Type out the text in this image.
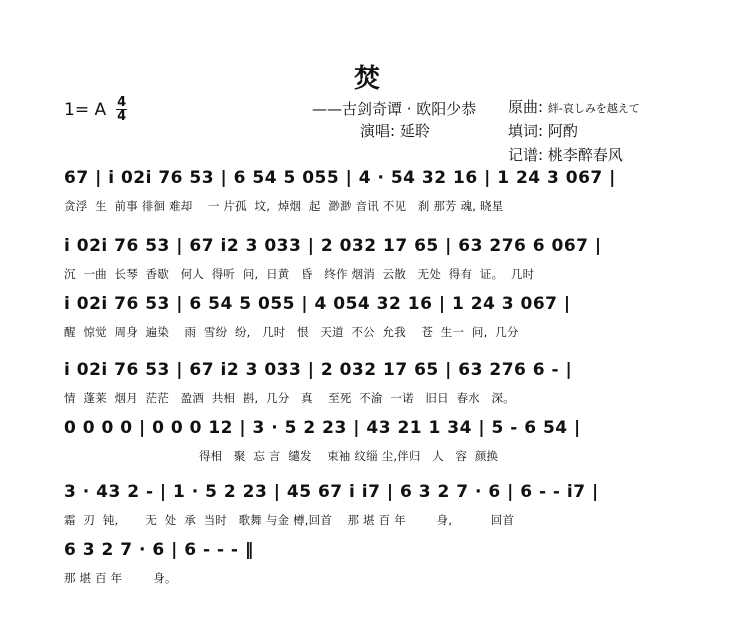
焚
1= A $\frac{4}{4}$	——古剑奇谭 · 欧阳少恭 原曲: 絆-哀しみを越えて
演唱: 延聆	填词: 阿酌
记谱: 桃李醉春风
67 | i 02i 76 53 | 6 54 5 055 | 4 · 54 32 16 | 1 24 3 067 |
贪浮  生  前事 徘徊 难却    一 片孤  坟,  焯烟  起  渺渺 音讯 不见   刹 那芳 魂, 晓星
i 02i 76 53 | 67 i2 3 033 | 2 032 17 65 | 63 276 6 067 |
沉  一曲  长琴  香歇   何人  得听  问,  日黄   昏   终作 烟消  云散   无处  得有  证。  几时
i 02i 76 53 | 6 54 5 055 | 4 054 32 16 | 1 24 3 067 |
醒  惊觉  周身  遍染    雨  雪纷  纷,   几时   恨   天道  不公  允我    苍  生一  问,  几分
i 02i 76 53 | 67 i2 3 033 | 2 032 17 65 | 63 276 6 - |
情  蓬莱  烟月  茫茫   盈酒  共相  斟,  几分   真    至死  不渝  一诺   旧日  春水   深。
0 0 0 0 | 0 0 0 12 | 3 · 5 2 23 | 43 21 1 34 | 5 - 6 54 |
得相   聚  忘 言  缱发    束袖 纹缁 尘,伴归   人   容  颜换
3 · 43 2 - | 1 · 5 2 23 | 45 67 i i7 | 6 3 2 7 · 6 | 6 - - i7 |
霜  刃  钝,       无  处  承  当时   歌舞 与金 樽,回首    那 堪 百 年        身,          回首
6 3 2 7 · 6 | 6 - - - ‖
那 堪 百 年        身。
